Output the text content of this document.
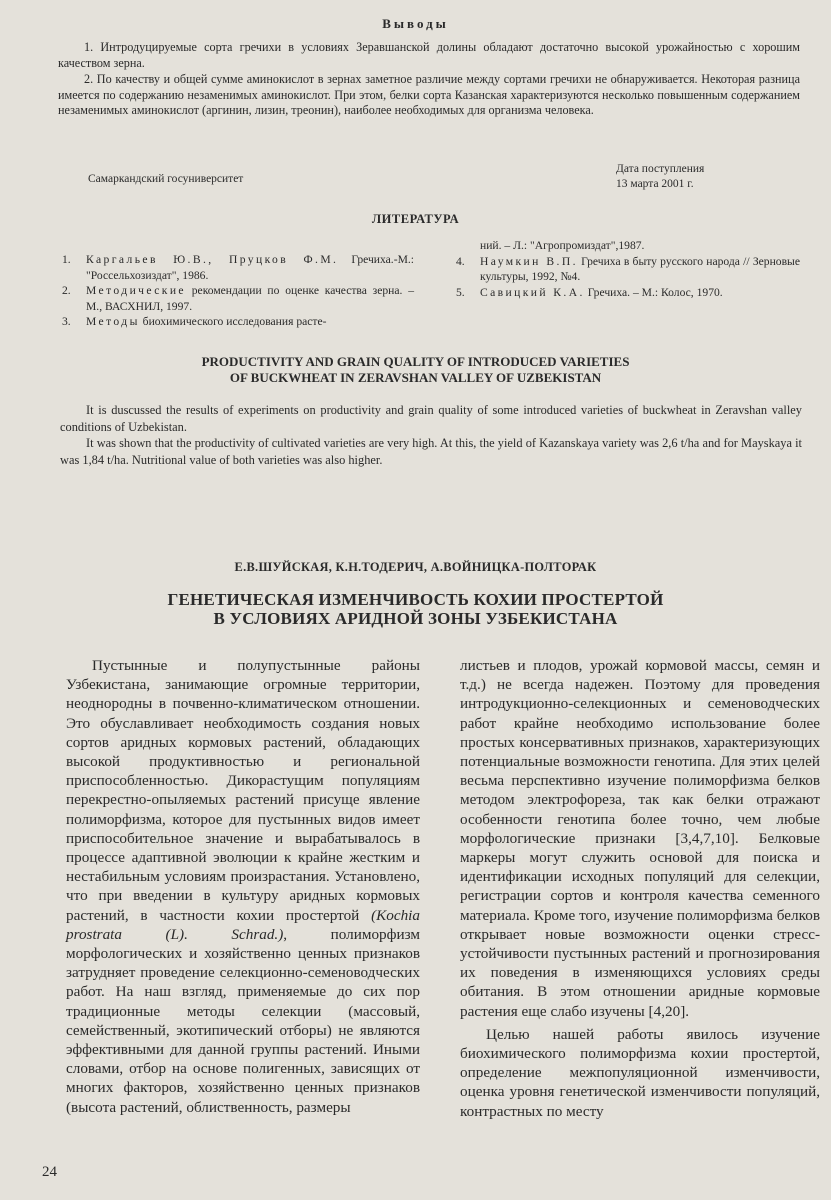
Выводы
1. Интродуцируемые сорта гречихи в условиях Зеравшанской долины обладают достаточно высокой урожайностью с хорошим качеством зерна.
2. По качеству и общей сумме аминокислот в зернах заметное различие между сортами гречихи не обнаруживается. Некоторая разница имеется по содержанию незаменимых аминокислот. При этом, белки сорта Казанская характеризуются несколько повышенным содержанием незаменимых аминокислот (аргинин, лизин, треонин), наиболее необходимых для организма человека.
Самаркандский госуниверситет
Дата поступления
13 марта 2001 г.
ЛИТЕРАТУРА
1.	Каргальев Ю.В., Пруцков Ф.М. Гречиха.-М.: "Россельхозиздат", 1986.
2.	Методические рекомендации по оценке качества зерна. – М., ВАСХНИЛ, 1997.
3.	Методы биохимического исследования расте-
ний. – Л.: "Агропромиздат",1987.
4.	Наумкин В.П. Гречиха в быту русского народа // Зерновые культуры, 1992, №4.
5.	Савицкий К.А. Гречиха. – М.: Колос, 1970.
PRODUCTIVITY AND GRAIN QUALITY OF INTRODUCED VARIETIES
OF BUCKWHEAT IN ZERAVSHAN VALLEY OF UZBEKISTAN
It is duscussed the results of experiments on productivity and grain quality of some introduced varieties of buckwheat in Zeravshan valley conditions of Uzbekistan.
It was shown that the productivity of cultivated varieties are very high. At this, the yield of Kazanskaya variety was 2,6 t/ha and for Mayskaya it was 1,84 t/ha. Nutritional value of both varieties was also higher.
Е.В.ШУЙСКАЯ, К.Н.ТОДЕРИЧ, А.ВОЙНИЦКА-ПОЛТОРАК
ГЕНЕТИЧЕСКАЯ ИЗМЕНЧИВОСТЬ КОХИИ ПРОСТЕРТОЙ
В УСЛОВИЯХ АРИДНОЙ ЗОНЫ УЗБЕКИСТАНА

Пустынные и полупустынные районы Узбекистана, занимающие огромные территории, неоднородны в почвенно-климатическом отношении. Это обуславливает необходимость создания новых сортов аридных кормовых растений, обладающих высокой продуктивностью и региональной приспособленностью. Дикорастущим популяциям перекрестно-опыляемых растений присуще явление полиморфизма, которое для пустынных видов имеет приспособительное значение и вырабатывалось в процессе адаптивной эволюции к крайне жестким и нестабильным условиям произрастания. Установлено, что при введении в культуру аридных кормовых растений, в частности кохии простертой (Kochia prostrata (L). Schrad.), полиморфизм морфологических и хозяйственно ценных признаков затрудняет проведение селекционно-семеноводческих работ. На наш взгляд, применяемые до сих пор традиционные методы селекции (массовый, семейственный, экотипический отборы) не являются эффективными для данной группы растений. Иными словами, отбор на основе полигенных, зависящих от многих факторов, хозяйственно ценных признаков (высота растений, облиственность, размеры

листьев и плодов, урожай кормовой массы, семян и т.д.) не всегда надежен. Поэтому для проведения интродукционно-селекционных и семеноводческих работ крайне необходимо использование более простых консервативных признаков, характеризующих потенциальные возможности генотипа. Для этих целей весьма перспективно изучение полиморфизма белков методом электрофореза, так как белки отражают особенности генотипа более точно, чем любые морфологические признаки [3,4,7,10]. Белковые маркеры могут служить основой для поиска и идентификации исходных популяций для селекции, регистрации сортов и контроля качества семенного материала. Кроме того, изучение полиморфизма белков открывает новые возможности оценки стресс-устойчивости пустынных растений и прогнозирования их поведения в изменяющихся условиях среды обитания. В этом отношении аридные кормовые растения еще слабо изучены [4,20].

Целью нашей работы явилось изучение биохимического полиморфизма кохии простертой, определение межпопуляционной изменчивости, оценка уровня генетической изменчивости популяций, контрастных по месту

24
